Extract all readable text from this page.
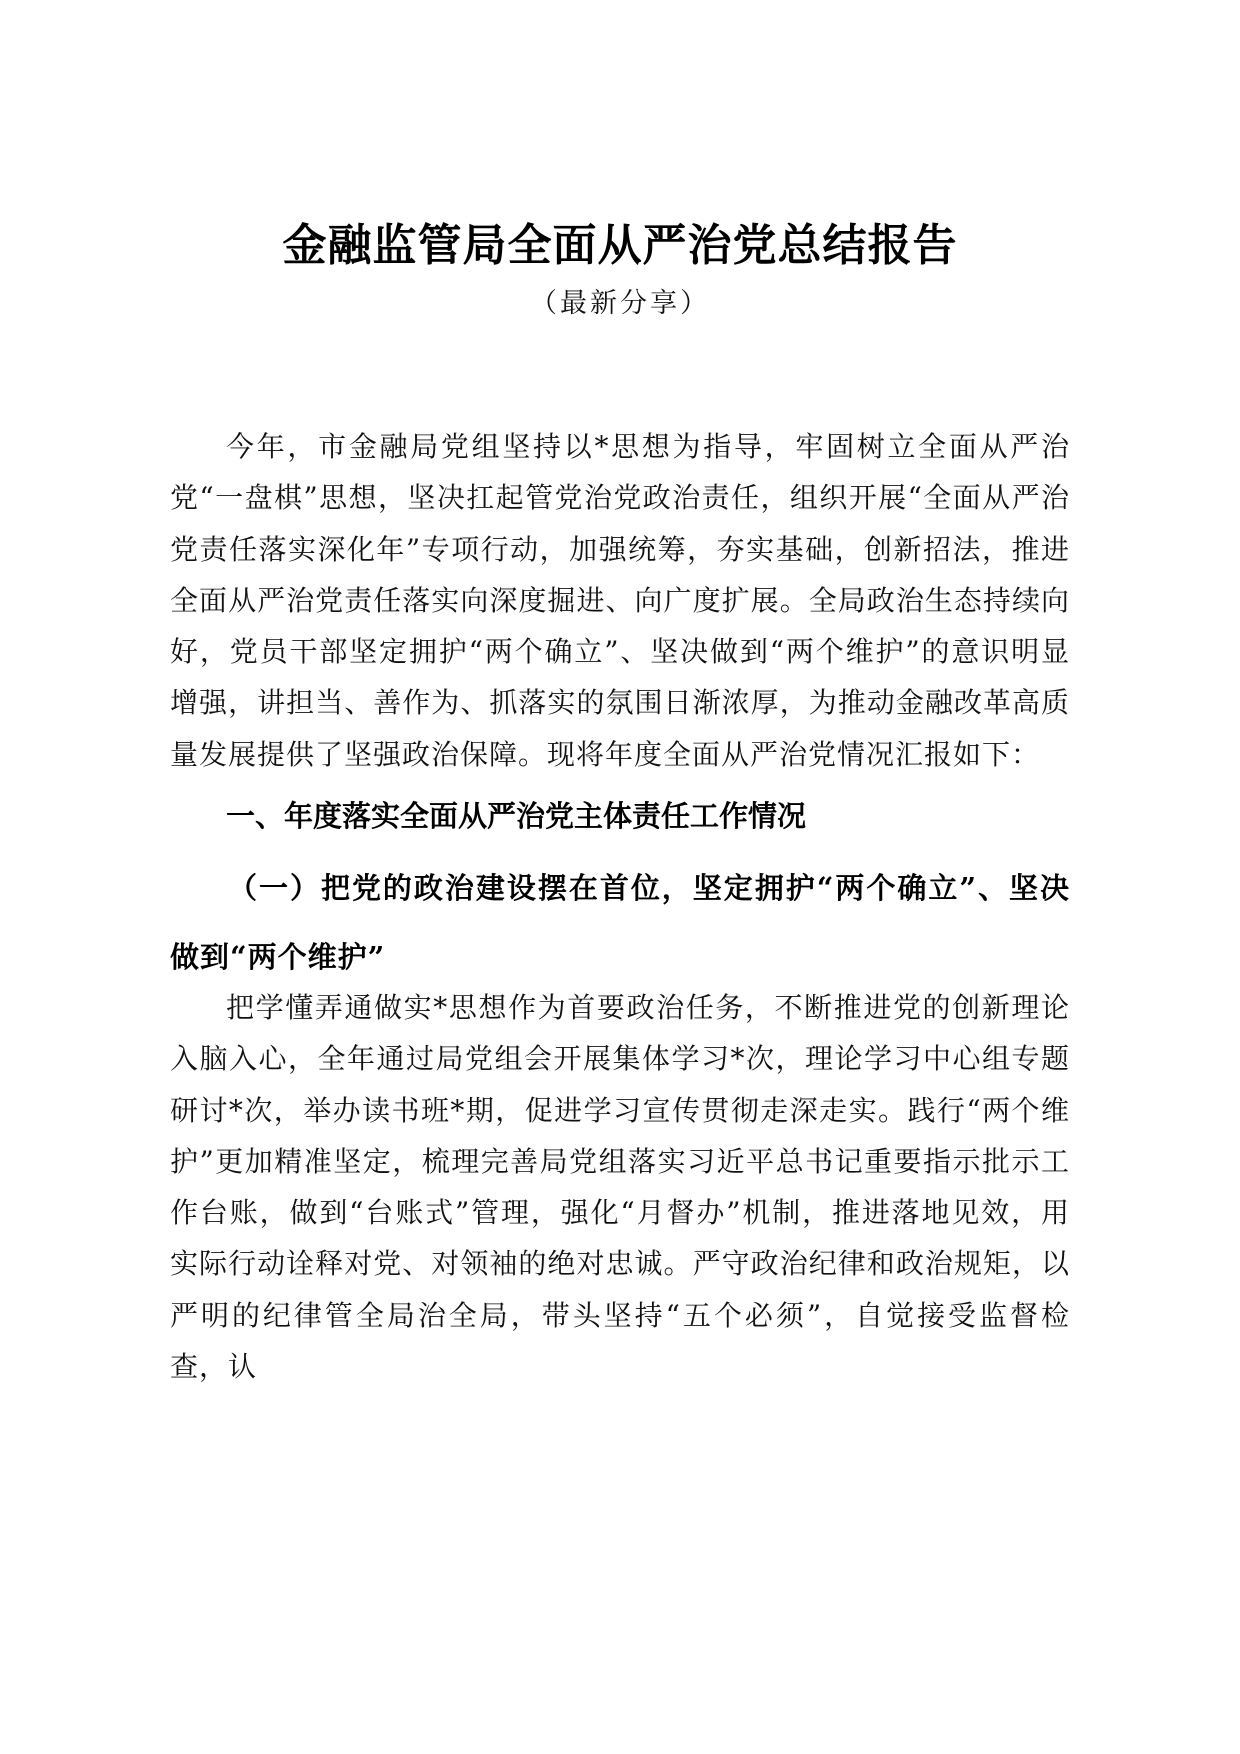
金融监管局全面从严治党总结报告
（最新分享）
今年，市金融局党组坚持以*思想为指导，牢固树立全面从严治党“一盘棋”思想，坚决扛起管党治党政治责任，组织开展“全面从严治党责任落实深化年”专项行动，加强统筹，夯实基础，创新招法，推进全面从严治党责任落实向深度掘进、向广度扩展。全局政治生态持续向好，党员干部坚定拥护“两个确立”、坚决做到“两个维护”的意识明显增强，讲担当、善作为、抓落实的氛围日渐浓厚，为推动金融改革高质量发展提供了坚强政治保障。现将年度全面从严治党情况汇报如下：
一、年度落实全面从严治党主体责任工作情况
（一）把党的政治建设摆在首位，坚定拥护“两个确立”、坚决做到“两个维护”
把学懂弄通做实*思想作为首要政治任务，不断推进党的创新理论入脑入心，全年通过局党组会开展集体学习*次，理论学习中心组专题研讨*次，举办读书班*期，促进学习宣传贯彻走深走实。践行“两个维护”更加精准坚定，梳理完善局党组落实习近平总书记重要指示批示工作台账，做到“台账式”管理，强化“月督办”机制，推进落地见效，用实际行动诠释对党、对领袖的绝对忠诚。严守政治纪律和政治规矩，以严明的纪律管全局治全局，带头坚持“五个必须”，自觉接受监督检查，认
